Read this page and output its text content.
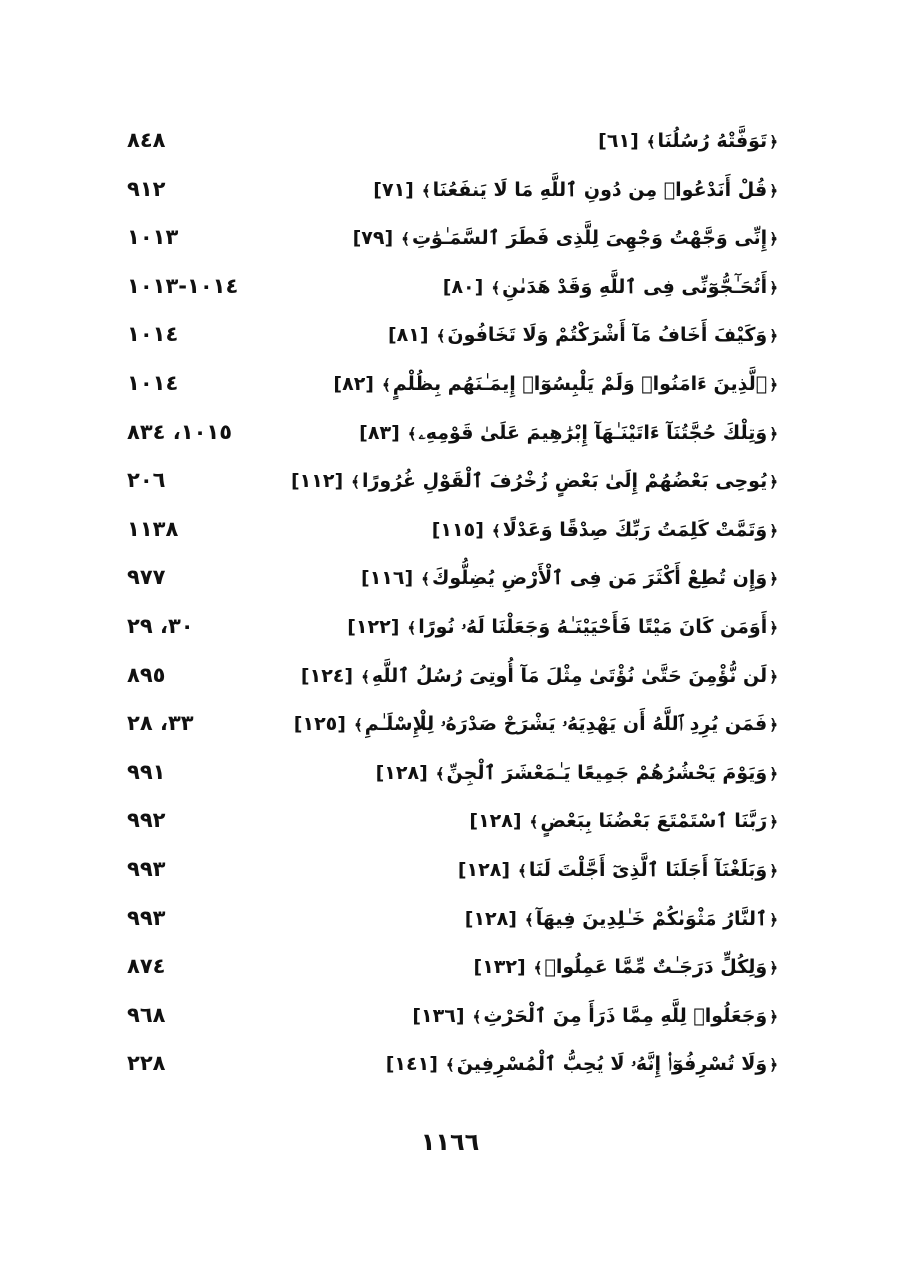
٨٤٨	﴿تَوَفَّتْهُ رُسُلُنَا﴾[٦١]
٩١٢	﴿قُلْ أَنَدْعُوا۟ مِن دُونِ ٱللَّهِ مَا لَا يَنفَعُنَا﴾[٧١]
١٠١٣	﴿إِنِّى وَجَّهْتُ وَجْهِىَ لِلَّذِى فَطَرَ ٱلسَّمَـٰوَٰتِ﴾[٧٩]
١٠١٤-١٠١٣	﴿أَتُحَـٰٓجُّوٓنِّى فِى ٱللَّهِ وَقَدْ هَدَىٰنِ﴾[٨٠]
١٠١٤	﴿وَكَيْفَ أَخَافُ مَآ أَشْرَكْتُمْ وَلَا تَخَافُونَ﴾[٨١]
١٠١٤	﴿ٱلَّذِينَ ءَامَنُوا۟ وَلَمْ يَلْبِسُوٓا۟ إِيمَـٰنَهُم بِظُلْمٍ﴾[٨٢]
١٠١٥، ٨٣٤	﴿وَتِلْكَ حُجَّتُنَآ ءَاتَيْنَـٰهَآ إِبْرَٰهِيمَ عَلَىٰ قَوْمِهِۦ﴾[٨٣]
٢٠٦	﴿يُوحِى بَعْضُهُمْ إِلَىٰ بَعْضٍ زُخْرُفَ ٱلْقَوْلِ غُرُورًا﴾[١١٢]
١١٣٨	﴿وَتَمَّتْ كَلِمَتُ رَبِّكَ صِدْقًا وَعَدْلًا﴾[١١٥]
٩٧٧	﴿وَإِن تُطِعْ أَكْثَرَ مَن فِى ٱلْأَرْضِ يُضِلُّوكَ﴾[١١٦]
٣٠، ٢٩	﴿أَوَمَن كَانَ مَيْتًا فَأَحْيَيْنَـٰهُ وَجَعَلْنَا لَهُۥ نُورًا﴾[١٢٢]
٨٩٥	﴿لَن نُّؤْمِنَ حَتَّىٰ نُؤْتَىٰ مِثْلَ مَآ أُوتِىَ رُسُلُ ٱللَّهِ﴾[١٢٤]
٣٣، ٢٨	﴿فَمَن يُرِدِ ٱللَّهُ أَن يَهْدِيَهُۥ يَشْرَحْ صَدْرَهُۥ لِلْإِسْلَـٰمِ﴾[١٢٥]
٩٩١	﴿وَيَوْمَ يَحْشُرُهُمْ جَمِيعًا يَـٰمَعْشَرَ ٱلْجِنِّ﴾[١٢٨]
٩٩٢	﴿رَبَّنَا ٱسْتَمْتَعَ بَعْضُنَا بِبَعْضٍ﴾[١٢٨]
٩٩٣	﴿وَبَلَغْنَآ أَجَلَنَا ٱلَّذِىٓ أَجَّلْتَ لَنَا﴾[١٢٨]
٩٩٣	﴿ٱلنَّارُ مَثْوَىٰكُمْ خَـٰلِدِينَ فِيهَآ﴾[١٢٨]
٨٧٤	﴿وَلِكُلٍّ دَرَجَـٰتٌ مِّمَّا عَمِلُوا۟﴾[١٣٢]
٩٦٨	﴿وَجَعَلُوا۟ لِلَّهِ مِمَّا ذَرَأَ مِنَ ٱلْحَرْثِ﴾[١٣٦]
٢٢٨	﴿وَلَا تُسْرِفُوٓا۟ إِنَّهُۥ لَا يُحِبُّ ٱلْمُسْرِفِينَ﴾[١٤١]
١١٦٦
